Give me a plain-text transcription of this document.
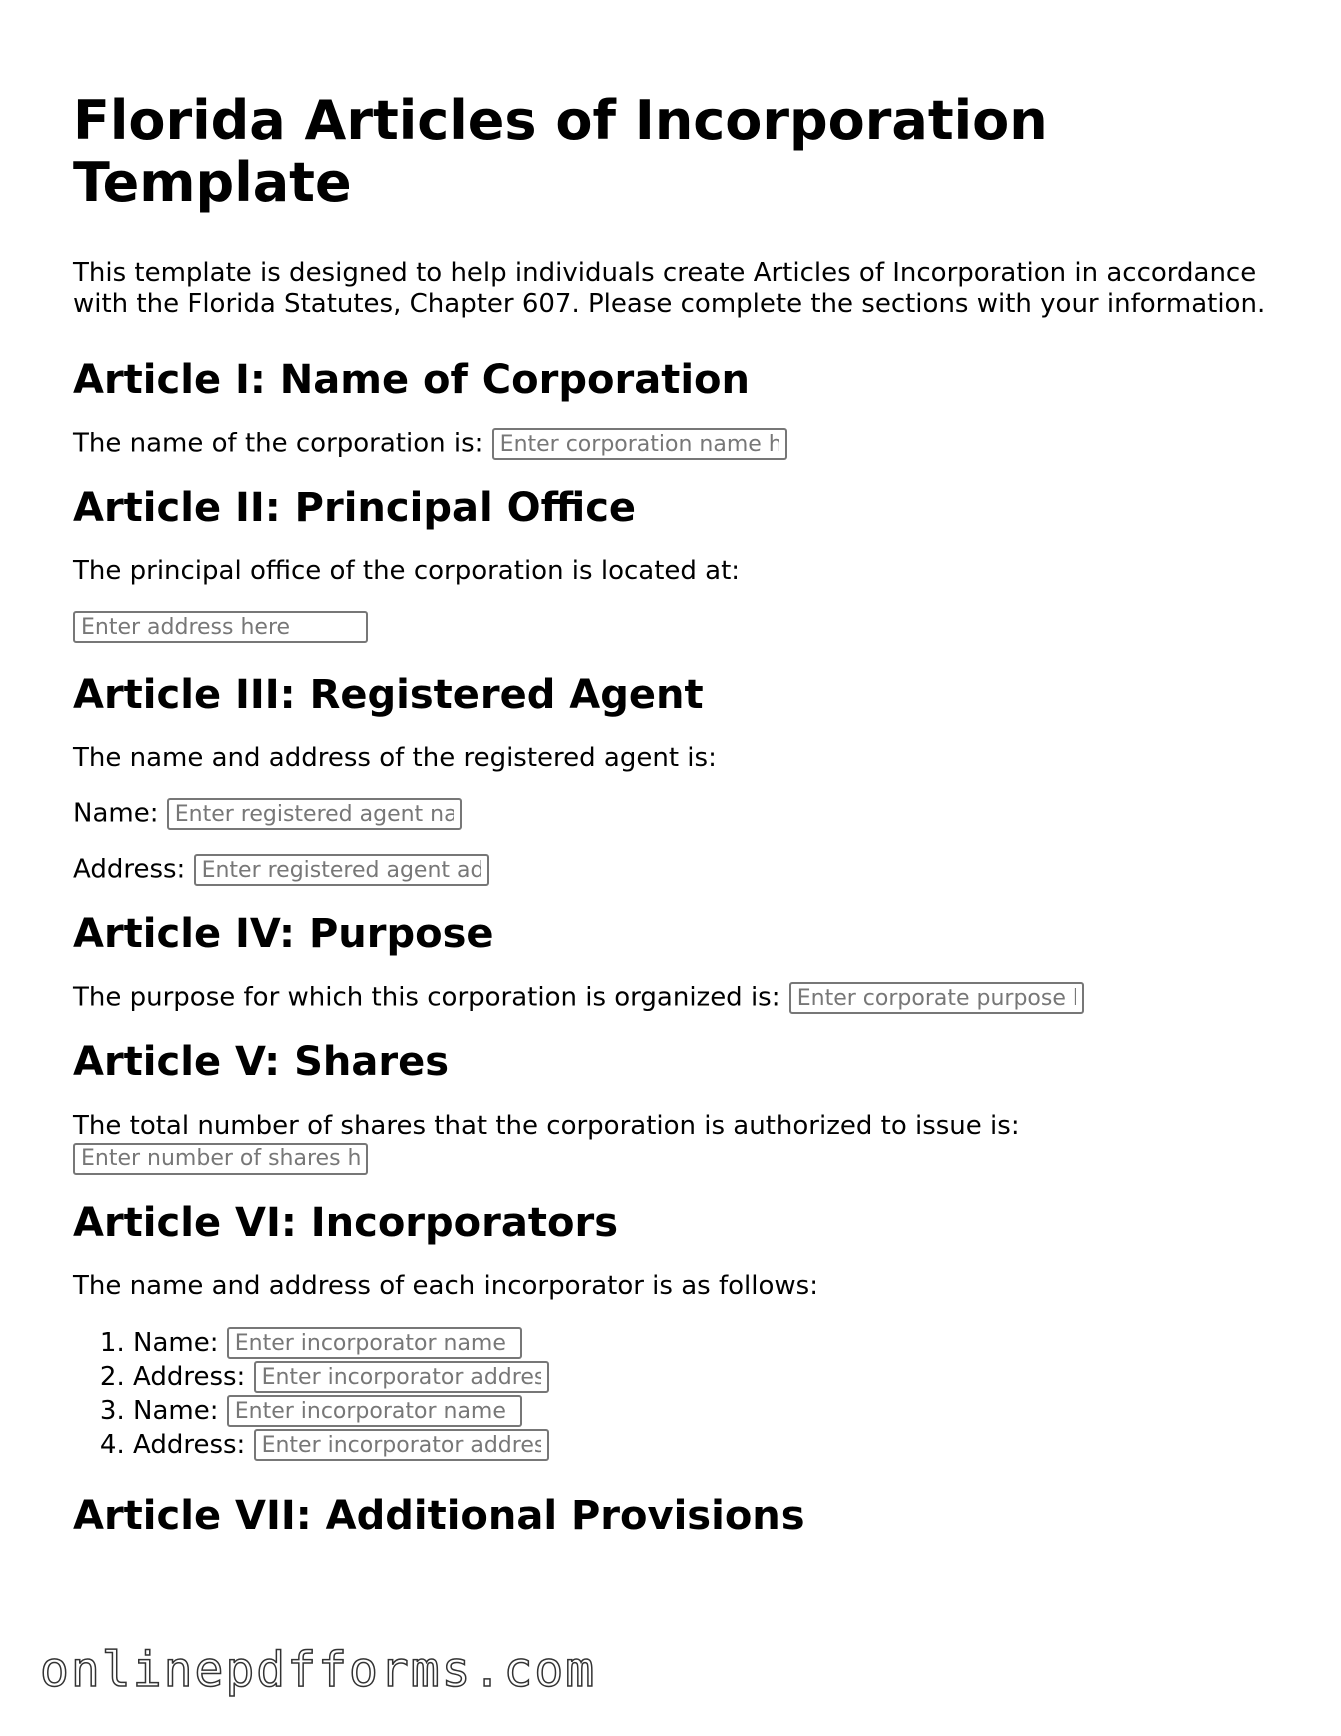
Florida Articles of Incorporation Template

This template is designed to help individuals create Articles of Incorporation in accordance with the Florida Statutes, Chapter 607. Please complete the sections with your information.

Article I: Name of Corporation

The name of the corporation is: Enter corporation name here

Article II: Principal Office

The principal office of the corporation is located at:

Enter address here

Article III: Registered Agent

The name and address of the registered agent is:

Name: Enter registered agent name here

Address: Enter registered agent address here

Article IV: Purpose

The purpose for which this corporation is organized is: Enter corporate purpose here

Article V: Shares

The total number of shares that the corporation is authorized to issue is:
Enter number of shares here

Article VI: Incorporators

The name and address of each incorporator is as follows:

1. Name: Enter incorporator name here
2. Address: Enter incorporator address here
3. Name: Enter incorporator name here
4. Address: Enter incorporator address here
Article VII: Additional Provisions
onlinepdfforms.com
